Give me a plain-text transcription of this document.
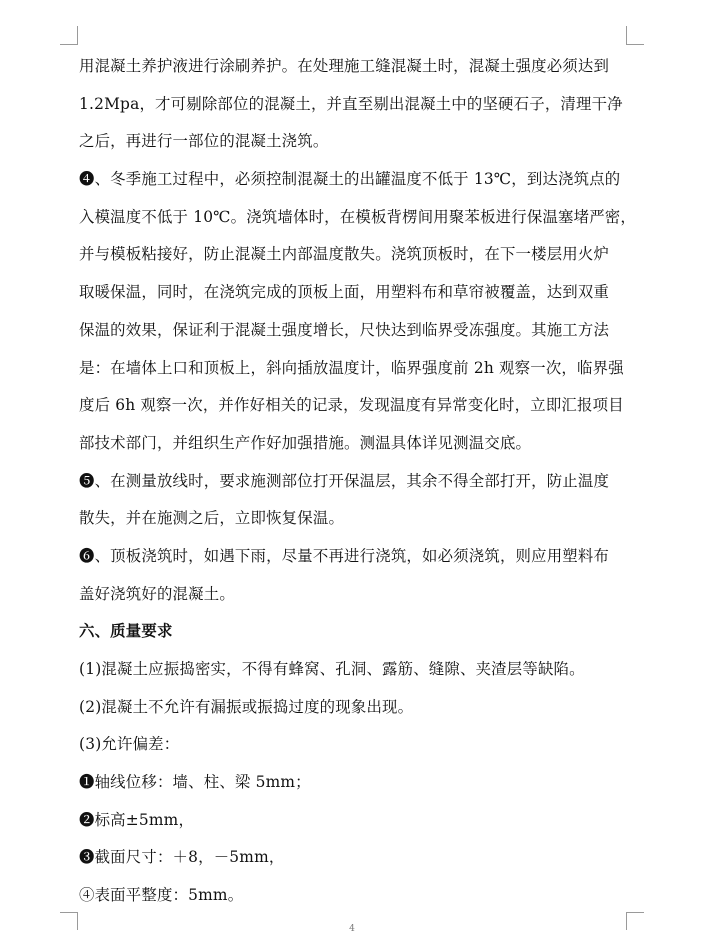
用混凝土养护液进行涂刷养护。在处理施工缝混凝土时，混凝土强度必须达到
1.2Mpa，才可剔除部位的混凝土，并直至剔出混凝土中的坚硬石子，清理干净
之后，再进行一部位的混凝土浇筑。
➍、冬季施工过程中，必须控制混凝土的出罐温度不低于 13℃，到达浇筑点的
入模温度不低于 10℃。浇筑墙体时，在模板背楞间用聚苯板进行保温塞堵严密，
并与模板粘接好，防止混凝土内部温度散失。浇筑顶板时，在下一楼层用火炉
取暖保温，同时，在浇筑完成的顶板上面，用塑料布和草帘被覆盖，达到双重
保温的效果，保证利于混凝土强度增长，尺快达到临界受冻强度。其施工方法
是：在墙体上口和顶板上，斜向插放温度计，临界强度前 2h 观察一次，临界强
度后 6h 观察一次，并作好相关的记录，发现温度有异常变化时，立即汇报项目
部技术部门，并组织生产作好加强措施。测温具体详见测温交底。
➎、在测量放线时，要求施测部位打开保温层，其余不得全部打开，防止温度
散失，并在施测之后，立即恢复保温。
➏、顶板浇筑时，如遇下雨，尽量不再进行浇筑，如必须浇筑，则应用塑料布
盖好浇筑好的混凝土。
六、质量要求
(1)混凝土应振捣密实，不得有蜂窝、孔洞、露筋、缝隙、夹渣层等缺陷。
(2)混凝土不允许有漏振或振捣过度的现象出现。
(3)允许偏差：
➊轴线位移：墙、柱、梁 5mm；
➋标高±5mm，
➌截面尺寸：＋8，－5mm，
④表面平整度：5mm。
4
